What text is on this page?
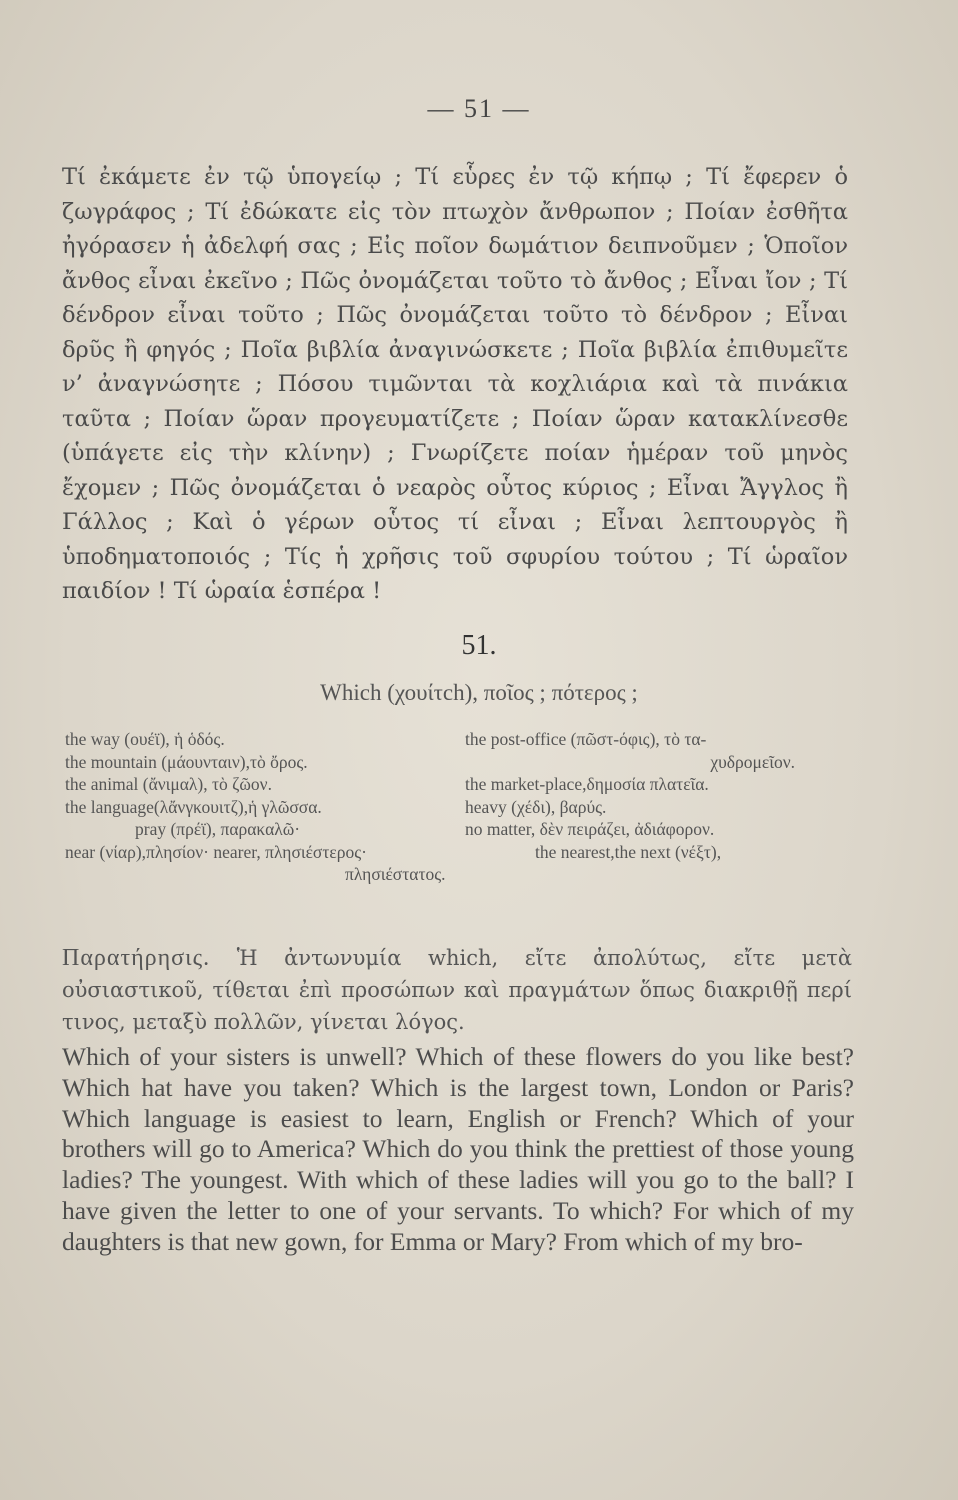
— 51 —
Τί ἐκάμετε ἐν τῷ ὑπογείῳ ; Τί εὗρες ἐν τῷ κήπῳ ; Τί ἔφερεν ὁ ζωγράφος ; Τί ἐδώκατε εἰς τὸν πτωχὸν ἄνθρωπον ; Ποίαν ἐσθῆτα ἠγόρασεν ἡ ἀδελφή σας ; Εἰς ποῖον δωμάτιον δειπνοῦμεν ; Ὁποῖον ἄνθος εἶναι ἐκεῖνο ; Πῶς ὀνομάζεται τοῦτο τὸ ἄνθος ; Εἶναι ἴον ; Τί δένδρον εἶναι τοῦτο ; Πῶς ὀνομάζεται τοῦτο τὸ δένδρον ; Εἶναι δρῦς ἢ φηγός ; Ποῖα βιβλία ἀναγινώσκετε ; Ποῖα βιβλία ἐπιθυμεῖτε ν’ ἀναγνώσητε ; Πόσου τιμῶνται τὰ κοχλιάρια καὶ τὰ πινάκια ταῦτα ; Ποίαν ὥραν προγευματίζετε ; Ποίαν ὥραν κατακλίνεσθε (ὑπάγετε εἰς τὴν κλίνην) ; Γνωρίζετε ποίαν ἡμέραν τοῦ μηνὸς ἔχομεν ; Πῶς ὀνομάζεται ὁ νεαρὸς οὗτος κύριος ; Εἶναι Ἄγγλος ἢ Γάλλος ; Καὶ ὁ γέρων οὗτος τί εἶναι ; Εἶναι λεπτουργὸς ἢ ὑποδηματοποιός ; Τίς ἡ χρῆσις τοῦ σφυρίου τούτου ; Τί ὡραῖον παιδίον ! Τί ὡραία ἑσπέρα !
51.
Which (χουίτch), ποῖος ; πότερος ;
the way (ουέϊ), ἡ ὁδός.	the post-office (πῶστ-όφις), τὸ τα-
the mountain (μάουνταιν),τὸ ὄρος.	χυδρομεῖον.
the animal (ἄνιμαλ), τὸ ζῶον.	the market-place,δημοσία πλατεῖα.
the language(λἄνγκουιτζ),ἡ γλῶσσα.	heavy (χέδι), βαρύς.
pray (πρέϊ), παρακαλῶ·	no matter, δὲν πειράζει, ἀδιάφορον.
near (νίαρ),πλησίον· nearer, πλησιέστερος·	the nearest,the next (νέξτ),
πλησιέστατος.
Παρατήρησις. Ἡ ἀντωνυμία which, εἴτε ἀπολύτως, εἴτε μετὰ οὐσιαστικοῦ, τίθεται ἐπὶ προσώπων καὶ πραγμάτων ὅπως διακριθῇ περί τινος, μεταξὺ πολλῶν, γίνεται λόγος.
Which of your sisters is unwell? Which of these flowers do you like best? Which hat have you taken? Which is the largest town, London or Paris? Which language is easiest to learn, English or French? Which of your brothers will go to America? Which do you think the prettiest of those young ladies? The youngest. With which of these ladies will you go to the ball? I have given the letter to one of your servants. To which? For which of my daughters is that new gown, for Emma or Mary? From which of my bro-
